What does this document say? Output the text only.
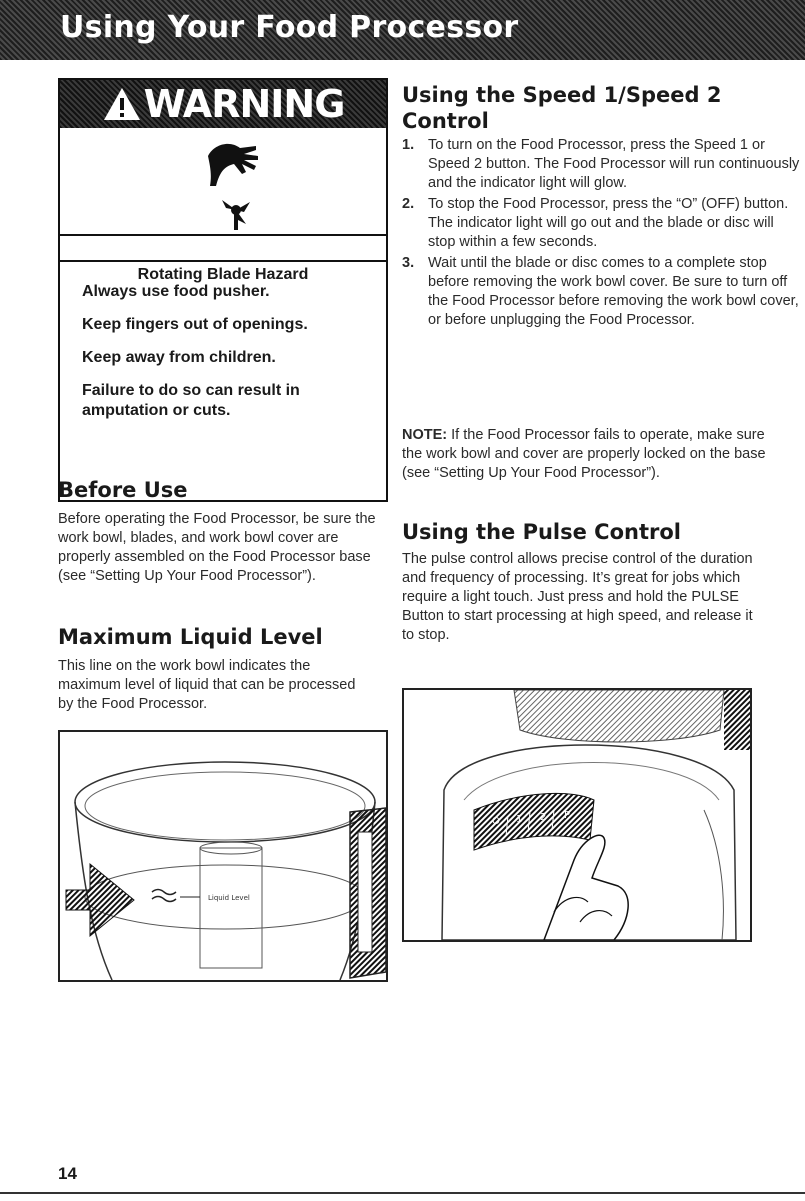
Using Your Food Processor
WARNING

Rotating Blade Hazard

Always use food pusher.

Keep fingers out of openings.

Keep away from children.

Failure to do so can result in amputation or cuts.

Before Use

Before operating the Food Processor, be sure the work bowl, blades, and work bowl cover are properly assembled on the Food Processor base (see “Setting Up Your Food Processor”).

Maximum Liquid Level

This line on the work bowl indicates the maximum level of liquid that can be processed by the Food Processor.

Liquid Level
Using the Speed 1/Speed 2 Control
1. To turn on the Food Processor, press the Speed 1 or Speed 2 button. The Food Processor will run continuously and the indicator light will glow.
2. To stop the Food Processor, press the “O” (OFF) button. The indicator light will go out and the blade or disc will stop within a few seconds.
3. Wait until the blade or disc comes to a complete stop before removing the work bowl cover. Be sure to turn off the Food Processor before removing the work bowl cover, or before unplugging the Food Processor.

NOTE: If the Food Processor fails to operate, make sure the work bowl and cover are properly locked on the base (see “Setting Up Your Food Processor”).

Using the Pulse Control

The pulse control allows precise control of the duration and frequency of processing. It’s great for jobs which require a light touch. Just press and hold the PULSE Button to start processing at high speed, and release it to stop.

O 1 2 P

14
